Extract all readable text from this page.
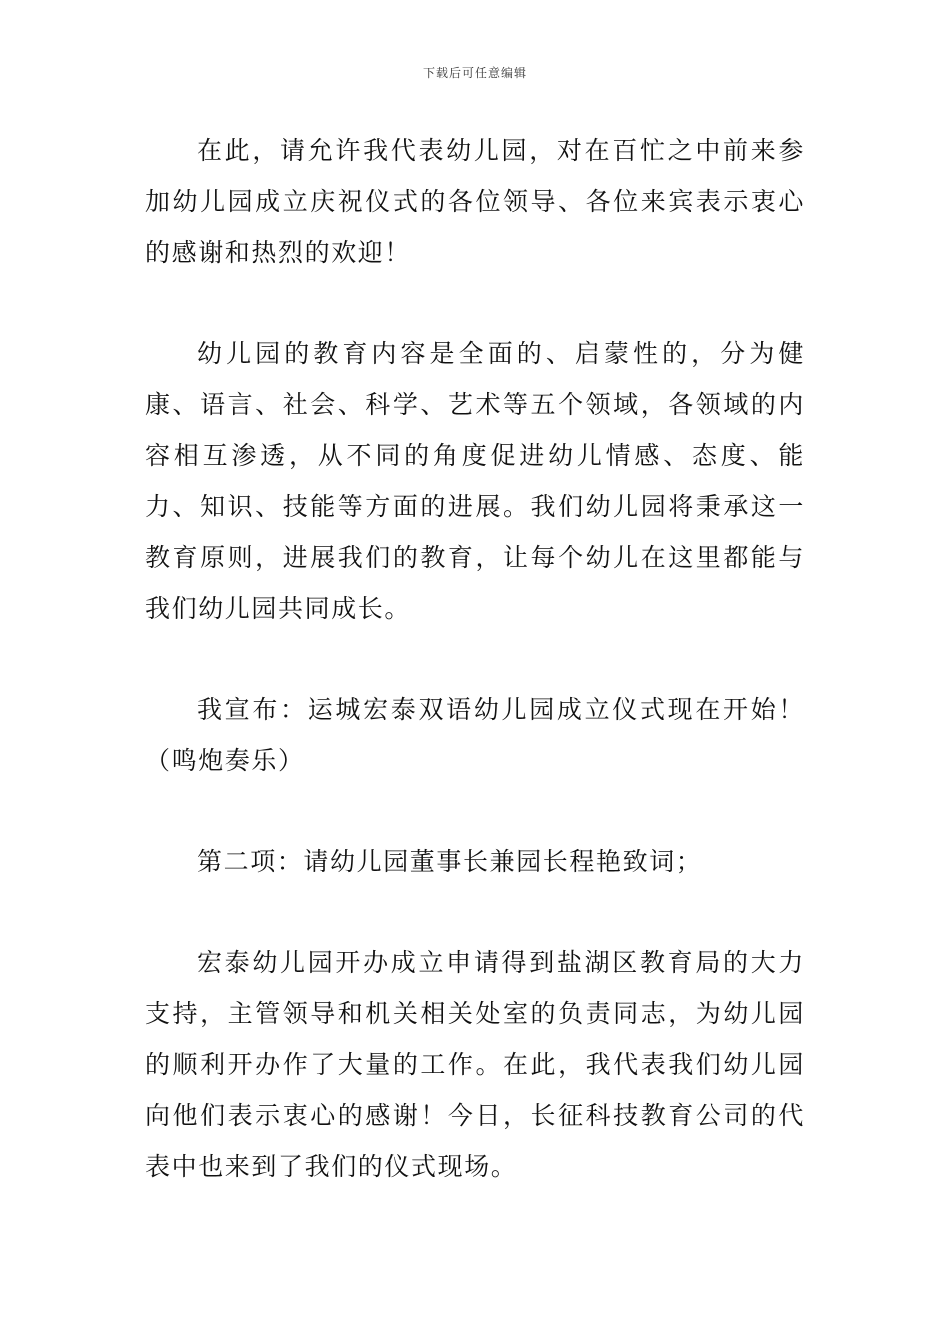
下载后可任意编辑

在此，请允许我代表幼儿园，对在百忙之中前来参加幼儿园成立庆祝仪式的各位领导、各位来宾表示衷心的感谢和热烈的欢迎！

幼儿园的教育内容是全面的、启蒙性的，分为健康、语言、社会、科学、艺术等五个领域，各领域的内容相互渗透，从不同的角度促进幼儿情感、态度、能力、知识、技能等方面的进展。我们幼儿园将秉承这一教育原则，进展我们的教育，让每个幼儿在这里都能与我们幼儿园共同成长。

我宣布：运城宏泰双语幼儿园成立仪式现在开始！（鸣炮奏乐）

第二项：请幼儿园董事长兼园长程艳致词；

宏泰幼儿园开办成立申请得到盐湖区教育局的大力支持，主管领导和机关相关处室的负责同志，为幼儿园的顺利开办作了大量的工作。在此，我代表我们幼儿园向他们表示衷心的感谢！今日，长征科技教育公司的代表中也来到了我们的仪式现场。
